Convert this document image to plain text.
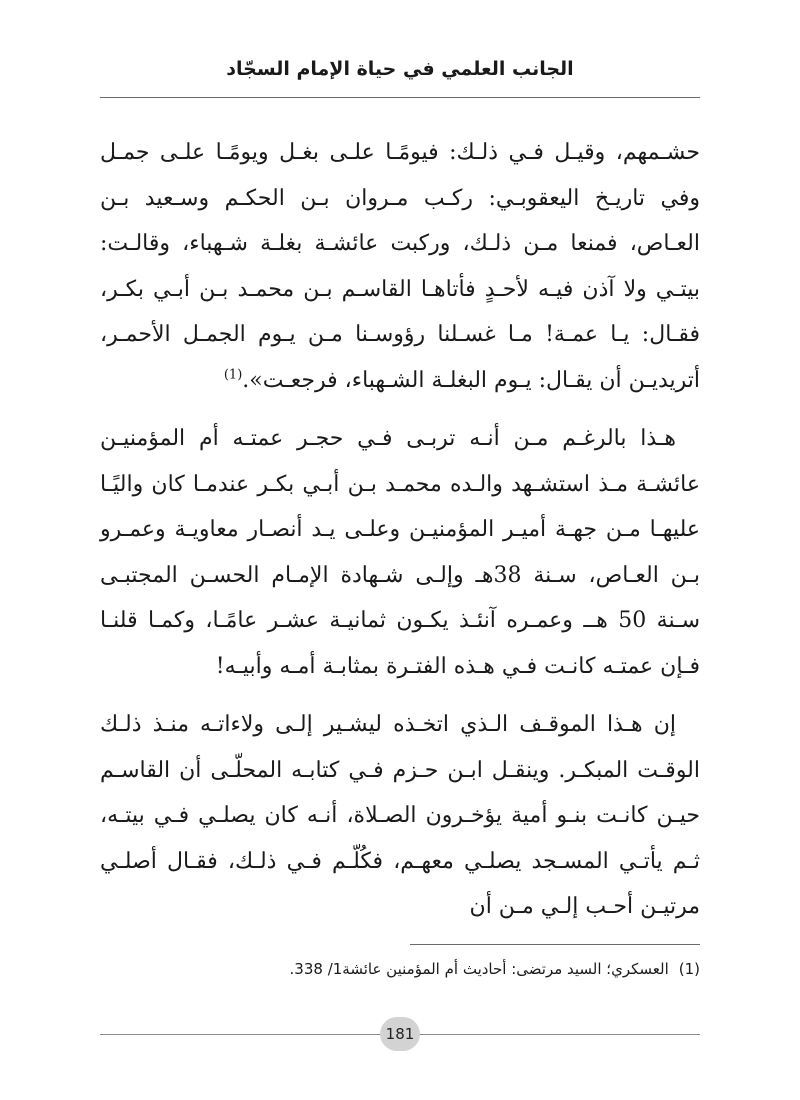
الجانب العلمي في حياة الإمام السجّاد

حشـمهم، وقيـل فـي ذلـك: فيومًـا علـى بغـل ويومًـا علـى جمـل وفي تاريـخ اليعقوبـي: ركـب مـروان بـن الحكـم وسـعيد بـن العـاص، فمنعا مـن ذلـك، وركبت عائشـة بغلـة شـهباء، وقالـت: بيتـي ولا آذن فيـه لأحـدٍ فأتاهـا القاسـم بـن محمـد بـن أبـي بكـر، فقـال: يـا عمـة! مـا غسـلنا رؤوسـنا مـن يـوم الجمـل الأحمـر، أتريديـن أن يقـال: يـوم البغلـة الشـهباء، فرجعـت».$^{(1)}$

هـذا بالرغـم مـن أنـه تربـى فـي حجـر عمتـه أم المؤمنيـن عائشـة مـذ استشـهد والـده محمـد بـن أبـي بكـر عندمـا كان واليًـا عليهـا مـن جهـة أميـر المؤمنيـن وعلـى يـد أنصـار معاويـة وعمـرو بـن العـاص، سـنة 38هـ وإلـى شـهادة الإمـام الحسـن المجتبـى سـنة 50 هــ وعمـره آنئـذ يكـون ثمانيـة عشـر عامًـا، وكمـا قلنـا فـإن عمتـه كانـت فـي هـذه الفتـرة بمثابـة أمـه وأبيـه!

إن هـذا الموقـف الـذي اتخـذه ليشـير إلـى ولاءاتـه منـذ ذلـك الوقـت المبكـر. وينقـل ابـن حـزم فـي كتابـه المحلّـى أن القاسـم حيـن كانـت بنـو أمية يؤخـرون الصـلاة، أنـه كان يصلـي فـي بيتـه، ثـم يأتـي المسـجد يصلـي معهـم، فكُلّـم فـي ذلـك، فقـال أصلـي مرتيـن أحـب إلـي مـن أن

(1)العسكري؛ السيد مرتضى: أحاديث أم المؤمنين عائشة1/ 338.
181
